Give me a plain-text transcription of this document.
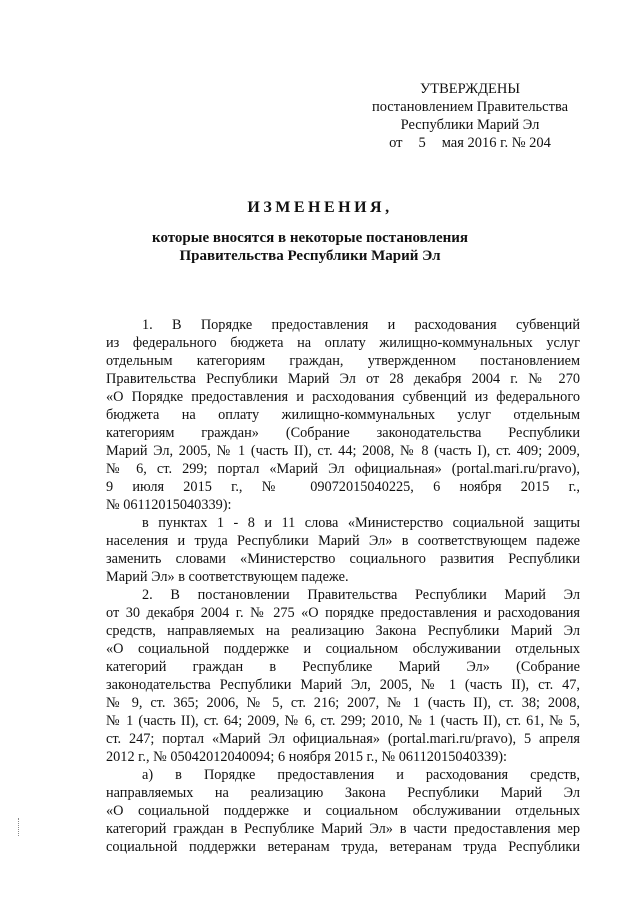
УТВЕРЖДЕНЫ
постановлением Правительства
Республики Марий Эл
от	5	мая 2016 г. № 204
ИЗМЕНЕНИЯ,
которые вносятся в некоторые постановления
Правительства Республики Марий Эл
1. В Порядке предоставления и расходования субвенций
из федерального бюджета на оплату жилищно-коммунальных услуг
отдельным категориям граждан, утвержденном постановлением
Правительства Республики Марий Эл от 28 декабря 2004 г. № 270
«О Порядке предоставления и расходования субвенций из федерального
бюджета на оплату жилищно-коммунальных услуг отдельным
категориям граждан» (Собрание законодательства Республики
Марий Эл, 2005, № 1 (часть II), ст. 44; 2008, № 8 (часть I), ст. 409; 2009,
№ 6, ст. 299; портал «Марий Эл официальная» (portal.mari.ru/pravo),
9 июля 2015 г., № 09072015040225, 6 ноября 2015 г.,
№ 06112015040339):
в пунктах 1 - 8 и 11 слова «Министерство социальной защиты
населения и труда Республики Марий Эл» в соответствующем падеже
заменить словами «Министерство социального развития Республики
Марий Эл» в соответствующем падеже.
2. В постановлении Правительства Республики Марий Эл
от 30 декабря 2004 г. № 275 «О порядке предоставления и расходования
средств, направляемых на реализацию Закона Республики Марий Эл
«О социальной поддержке и социальном обслуживании отдельных
категорий граждан в Республике Марий Эл» (Собрание
законодательства Республики Марий Эл, 2005, № 1 (часть II), ст. 47,
№ 9, ст. 365; 2006, № 5, ст. 216; 2007, № 1 (часть II), ст. 38; 2008,
№ 1 (часть II), ст. 64; 2009, № 6, ст. 299; 2010, № 1 (часть II), ст. 61, № 5,
ст. 247; портал «Марий Эл официальная» (portal.mari.ru/pravo), 5 апреля
2012 г., № 05042012040094; 6 ноября 2015 г., № 06112015040339):
а) в Порядке предоставления и расходования средств,
направляемых на реализацию Закона Республики Марий Эл
«О социальной поддержке и социальном обслуживании отдельных
категорий граждан в Республике Марий Эл» в части предоставления мер
социальной поддержки ветеранам труда, ветеранам труда Республики
